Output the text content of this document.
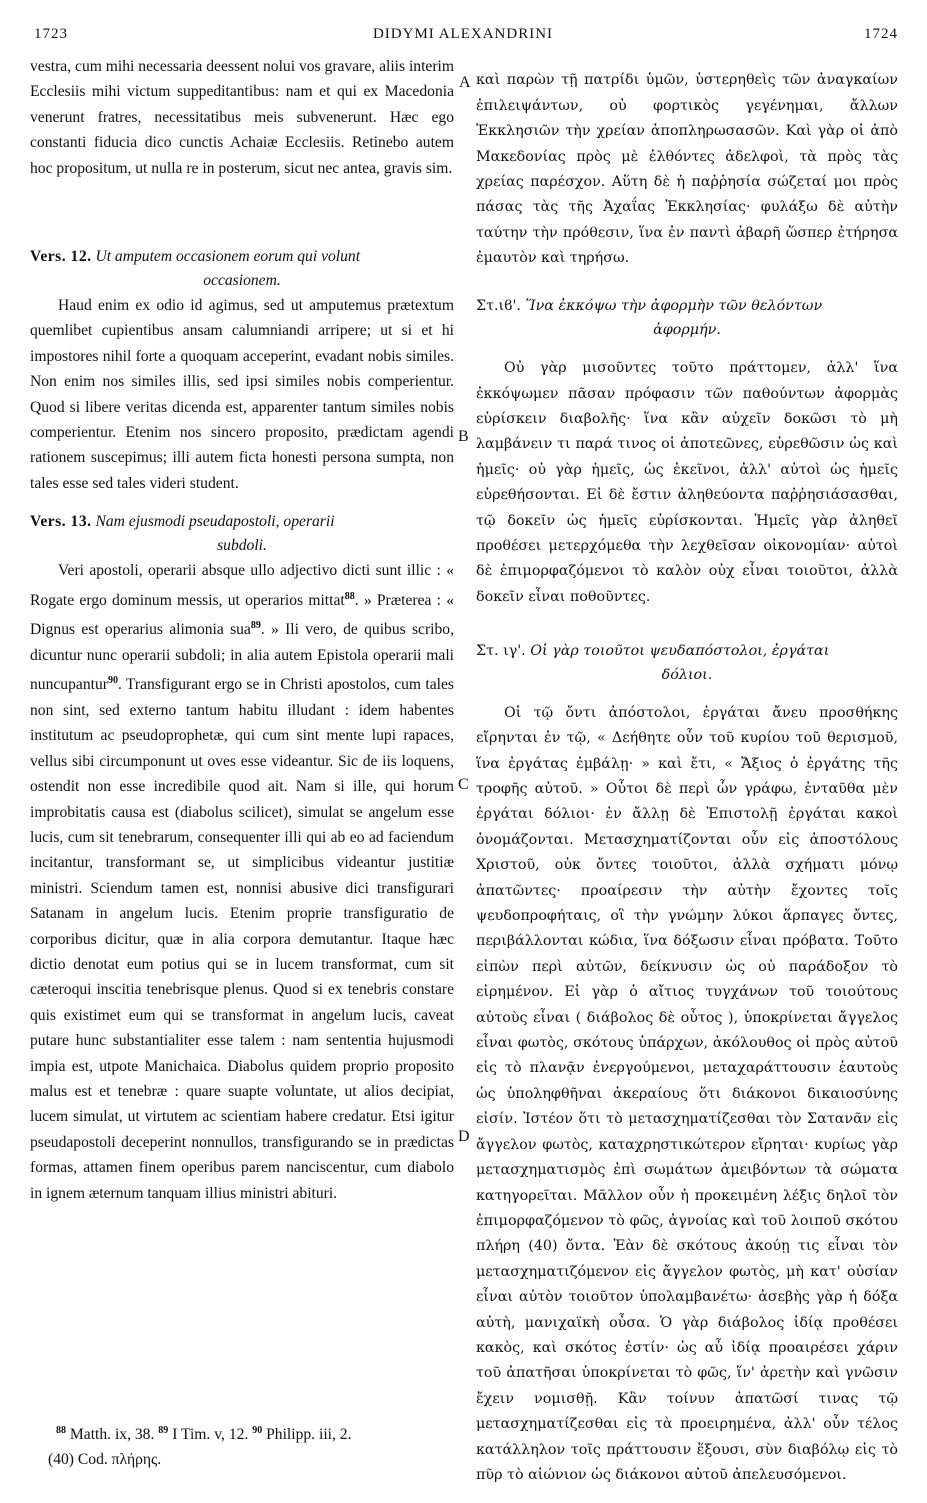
1723	DIDYMI ALEXANDRINI	1724
A
B
C
D

vestra, cum mihi necessaria deessent nolui vos gravare, aliis interim Ecclesiis mihi victum suppeditantibus: nam et qui ex Macedonia venerunt fratres, necessitatibus meis subvenerunt. Hæc ego constanti fiducia dico cunctis Achaiæ Ecclesiis. Retinebo autem hoc propositum, ut nulla re in posterum, sicut nec antea, gravis sim.

Vers. 12. Ut amputem occasionem eorum qui volunt
occasionem.

Haud enim ex odio id agimus, sed ut amputemus prætextum quemlibet cupientibus ansam calumniandi arripere; ut si et hi impostores nihil forte a quoquam acceperint, evadant nobis similes. Non enim nos similes illis, sed ipsi similes nobis comperientur. Quod si libere veritas dicenda est, apparenter tantum similes nobis comperientur. Etenim nos sincero proposito, prædictam agendi rationem suscepimus; illi autem ficta honesti persona sumpta, non tales esse sed tales videri student.

Vers. 13. Nam ejusmodi pseudapostoli, operarii
subdoli.

Veri apostoli, operarii absque ullo adjectivo dicti sunt illic : « Rogate ergo dominum messis, ut operarios mittat$^{88}$. » Præterea : « Dignus est operarius alimonia sua$^{89}$. » Ili vero, de quibus scribo, dicuntur nunc operarii subdoli; in alia autem Epistola operarii mali nuncupantur$^{90}$. Transfigurant ergo se in Christi apostolos, cum tales non sint, sed externo tantum habitu illudant : idem habentes institutum ac pseudoprophetæ, qui cum sint mente lupi rapaces, vellus sibi circumponunt ut oves esse videantur. Sic de iis loquens, ostendit non esse incredibile quod ait. Nam si ille, qui horum improbitatis causa est (diabolus scilicet), simulat se angelum esse lucis, cum sit tenebrarum, consequenter illi qui ab eo ad faciendum incitantur, transformant se, ut simplicibus videantur justitiæ ministri. Sciendum tamen est, nonnisi abusive dici transfigurari Satanam in angelum lucis. Etenim proprie transfiguratio de corporibus dicitur, quæ in alia corpora demutantur. Itaque hæc dictio denotat eum potius qui se in lucem transformat, cum sit cæteroqui inscitia tenebrisque plenus. Quod si ex tenebris constare quis existimet eum qui se transformat in angelum lucis, caveat putare hunc substantialiter esse talem : nam sententia hujusmodi impia est, utpote Manichaica. Diabolus quidem proprio proposito malus est et tenebræ : quare suapte voluntate, ut alios decipiat, lucem simulat, ut virtutem ac scientiam habere credatur. Etsi igitur pseudapostoli deceperint nonnullos, transfigurando se in prædictas formas, attamen finem operibus parem nanciscentur, cum diabolo in ignem æternum tanquam illius ministri abituri.

καὶ παρὼν τῇ πατρίδι ὑμῶν, ὑστερηθεὶς τῶν ἀναγκαίων ἐπιλειψάντων, οὐ φορτικὸς γεγένημαι, ἄλλων Ἐκκλησιῶν τὴν χρείαν ἀποπληρωσασῶν. Καὶ γὰρ οἱ ἀπὸ Μακεδονίας πρὸς μὲ ἐλθόντες ἀδελφοὶ, τὰ πρὸς τὰς χρείας παρέσχον. Αὕτη δὲ ἡ παῤῥησία σώζεταί μοι πρὸς πάσας τὰς τῆς Ἀχαΐας Ἐκκλησίας· φυλάξω δὲ αὐτὴν ταύτην τὴν πρόθεσιν, ἵνα ἐν παντὶ ἀβαρῆ ὥσπερ ἐτήρησα ἐμαυτὸν καὶ τηρήσω.

Στ.ιϐ'. Ἵνα ἐκκόψω τὴν ἀφορμὴν τῶν θελόντων
ἀφορμήν.

Οὐ γὰρ μισοῦντες τοῦτο πράττομεν, ἀλλ' ἵνα ἐκκόψωμεν πᾶσαν πρόφασιν τῶν παθούντων ἀφορμὰς εὑρίσκειν διαβολῆς· ἵνα κἂν αὐχεῖν δοκῶσι τὸ μὴ λαμβάνειν τι παρά τινος οἱ ἀποτεῶνες, εὑρεθῶσιν ὡς καὶ ἡμεῖς· οὐ γὰρ ἡμεῖς, ὡς ἐκεῖνοι, ἀλλ' αὐτοὶ ὡς ἡμεῖς εὑρεθήσονται. Εἰ δὲ ἔστιν ἀληθεύοντα παῤῥησιάσασθαι, τῷ δοκεῖν ὡς ἡμεῖς εὑρίσκονται. Ἡμεῖς γὰρ ἀληθεῖ προθέσει μετερχόμεθα τὴν λεχθεῖσαν οἰκονομίαν· αὐτοὶ δὲ ἐπιμορφαζόμενοι τὸ καλὸν οὐχ εἶναι τοιοῦτοι, ἀλλὰ δοκεῖν εἶναι ποθοῦντες.

Στ. ιγ'. Οἱ γὰρ τοιοῦτοι ψευδαπόστολοι, ἐργάται
δόλιοι.

Οἱ τῷ ὄντι ἀπόστολοι, ἐργάται ἄνευ προσθήκης εἴρηνται ἐν τῷ, « Δεήθητε οὖν τοῦ κυρίου τοῦ θερισμοῦ, ἵνα ἐργάτας ἐμβάλῃ· » καὶ ἔτι, « Ἄξιος ὁ ἐργάτης τῆς τροφῆς αὐτοῦ. » Οὗτοι δὲ περὶ ὧν γράφω, ἐνταῦθα μὲν ἐργάται δόλιοι· ἐν ἄλλῃ δὲ Ἐπιστολῇ ἐργάται κακοὶ ὀνομάζονται. Μετασχηματίζονται οὖν εἰς ἀποστόλους Χριστοῦ, οὐκ ὄντες τοιοῦτοι, ἀλλὰ σχήματι μόνῳ ἀπατῶντες· προαίρεσιν τὴν αὐτὴν ἔχοντες τοῖς ψευδοπροφήταις, οἳ τὴν γνώμην λύκοι ἅρπαγες ὄντες, περιβάλλονται κώδια, ἵνα δόξωσιν εἶναι πρόβατα. Τοῦτο εἰπὼν περὶ αὐτῶν, δείκνυσιν ὡς οὐ παράδοξον τὸ εἰρημένον. Εἰ γὰρ ὁ αἴτιος τυγχάνων τοῦ τοιούτους αὐτοὺς εἶναι ( διάβολος δὲ οὗτος ), ὑποκρίνεται ἄγγελος εἶναι φωτὸς, σκότους ὑπάρχων, ἀκόλουθος οἱ πρὸς αὐτοῦ εἰς τὸ πλανᾷν ἐνεργούμενοι, μεταχαράττουσιν ἑαυτοὺς ὡς ὑποληφθῆναι ἀκεραίους ὅτι διάκονοι δικαιοσύνης εἰσίν. Ἰστέον ὅτι τὸ μετασχηματίζεσθαι τὸν Σατανᾶν εἰς ἄγγελον φωτὸς, καταχρηστικώτερον εἴρηται· κυρίως γὰρ μετασχηματισμὸς ἐπὶ σωμάτων ἀμειβόντων τὰ σώματα κατηγορεῖται. Μᾶλλον οὖν ἡ προκειμένη λέξις δηλοῖ τὸν ἐπιμορφαζόμενον τὸ φῶς, ἀγνοίας καὶ τοῦ λοιποῦ σκότου πλήρη (40) ὄντα. Ἐὰν δὲ σκότους ἀκούῃ τις εἶναι τὸν μετασχηματιζόμενον εἰς ἄγγελον φωτὸς, μὴ κατ' οὐσίαν εἶναι αὐτὸν τοιοῦτον ὑπολαμβανέτω· ἀσεβὴς γὰρ ἡ δόξα αὐτὴ, μανιχαϊκὴ οὖσα. Ὁ γὰρ διάβολος ἰδίᾳ προθέσει κακὸς, καὶ σκότος ἐστίν· ὡς αὖ ἰδίᾳ προαιρέσει χάριν τοῦ ἀπατῆσαι ὑποκρίνεται τὸ φῶς, ἵν' ἀρετὴν καὶ γνῶσιν ἔχειν νομισθῇ. Κἂν τοίνυν ἀπατῶσί τινας τῷ μετασχηματίζεσθαι εἰς τὰ προειρημένα, ἀλλ' οὖν τέλος κατάλληλον τοῖς πράττουσιν ἕξουσι, σὺν διαβόλῳ εἰς τὸ πῦρ τὸ αἰώνιον ὡς διάκονοι αὐτοῦ ἀπελευσόμενοι.

$^{88}$ Matth. ix, 38. $^{89}$ I Tim. v, 12. $^{90}$ Philipp. iii, 2.
(40) Cod. πλήρης.
